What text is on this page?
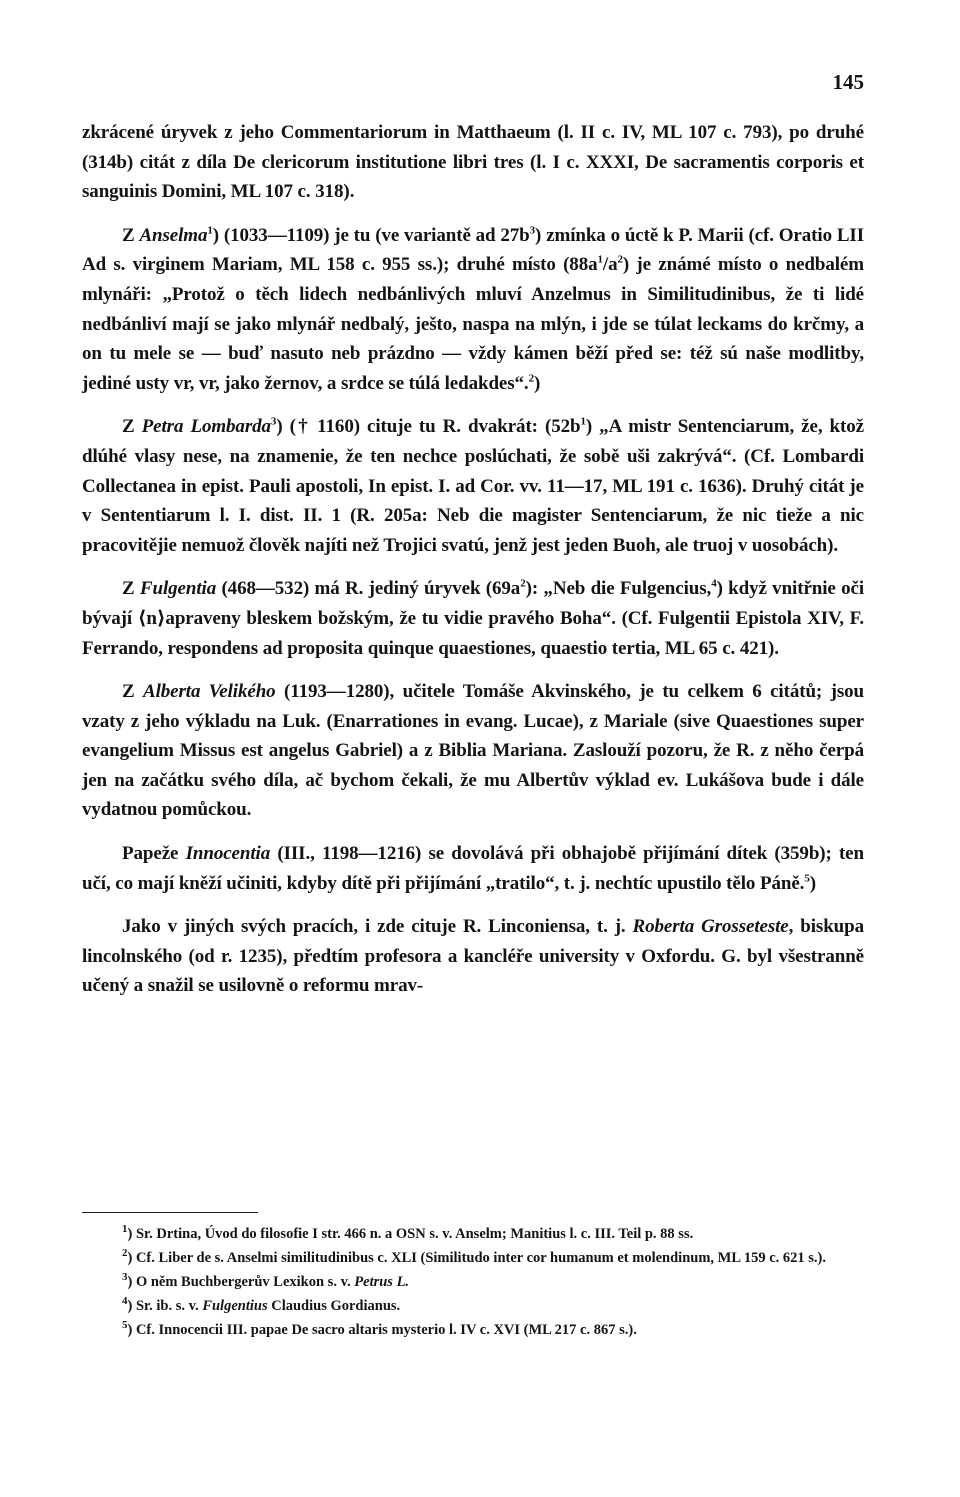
145

zkrácené úryvek z jeho Commentariorum in Matthaeum (l. II c. IV, ML 107 c. 793), po druhé (314b) citát z díla De clericorum institutione libri tres (l. I c. XXXI, De sacramentis corporis et sanguinis Domini, ML 107 c. 318).

Z Anselma$^1$) (1033—1109) je tu (ve variantě ad $27b^3$) zmínka o úctě k P. Marii (cf. Oratio LII Ad s. virginem Mariam, ML 158 c. 955 ss.); druhé místo $(88a^1/a^2)$ je známé místo o nedbalém mlynáři: „Protož o těch lidech nedbánlivých mluví Anzelmus in Similitudinibus, že ti lidé nedbánliví mají se jako mlynář nedbalý, ješto, naspa na mlýn, i jde se túlat leckams do krčmy, a on tu mele se — buď nasuto neb prázdno — vždy kámen běží před se: též sú naše modlitby, jediné usty vr, vr, jako žernov, a srdce se túlá ledakdes“.$^2$)

Z Petra Lombarda$^3$) († 1160) cituje tu R. dvakrát: $(52b^1)$ „A mistr Sentenciarum, že, ktož dlúhé vlasy nese, na znamenie, že ten nechce poslúchati, že sobě uši zakrývá“. (Cf. Lombardi Collectanea in epist. Pauli apostoli, In epist. I. ad Cor. vv. 11—17, ML 191 c. 1636). Druhý citát je v Sententiarum l. I. dist. II. 1 (R. 205a: Neb die magister Sentenciarum, že nic tieže a nic pracovitějie nemuož člověk najíti než Trojici svatú, jenž jest jeden Buoh, ale truoj v uosobách).

Z Fulgentia (468—532) má R. jediný úryvek $(69a^2)$: „Neb die Fulgencius,$^4$) když vnitřnie oči bývají ⟨n⟩apraveny bleskem božským, že tu vidie pravého Boha“. (Cf. Fulgentii Epistola XIV, F. Ferrando, respondens ad proposita quinque quaestiones, quaestio tertia, ML 65 c. 421).

Z Alberta Velikého (1193—1280), učitele Tomáše Akvinského, je tu celkem 6 citátů; jsou vzaty z jeho výkladu na Luk. (Enarrationes in evang. Lucae), z Mariale (sive Quaestiones super evangelium Missus est angelus Gabriel) a z Biblia Mariana. Zaslouží pozoru, že R. z něho čerpá jen na začátku svého díla, ač bychom čekali, že mu Albertův výklad ev. Lukášova bude i dále vydatnou pomůckou.

Papeže Innocentia (III., 1198—1216) se dovolává při obhajobě přijímání dítek (359b); ten učí, co mají kněží učiniti, kdyby dítě při přijímání „tratilo“, t. j. nechtíc upustilo tělo Páně.$^5$)

Jako v jiných svých pracích, i zde cituje R. Linconiensa, t. j. Roberta Grosseteste, biskupa lincolnského (od r. 1235), předtím profesora a kancléře university v Oxfordu. G. byl všestranně učený a snažil se usilovně o reformu mrav-

$^1$) Sr. Drtina, Úvod do filosofie I str. 466 n. a OSN s. v. Anselm; Manitius l. c. III. Teil p. 88 ss.

$^2$) Cf. Liber de s. Anselmi similitudinibus c. XLI (Similitudo inter cor humanum et molendinum, ML 159 c. 621 s.).

$^3$) O něm Buchbergerův Lexikon s. v. Petrus L.

$^4$) Sr. ib. s. v. Fulgentius Claudius Gordianus.

$^5$) Cf. Innocencii III. papae De sacro altaris mysterio l. IV c. XVI (ML 217 c. 867 s.).
